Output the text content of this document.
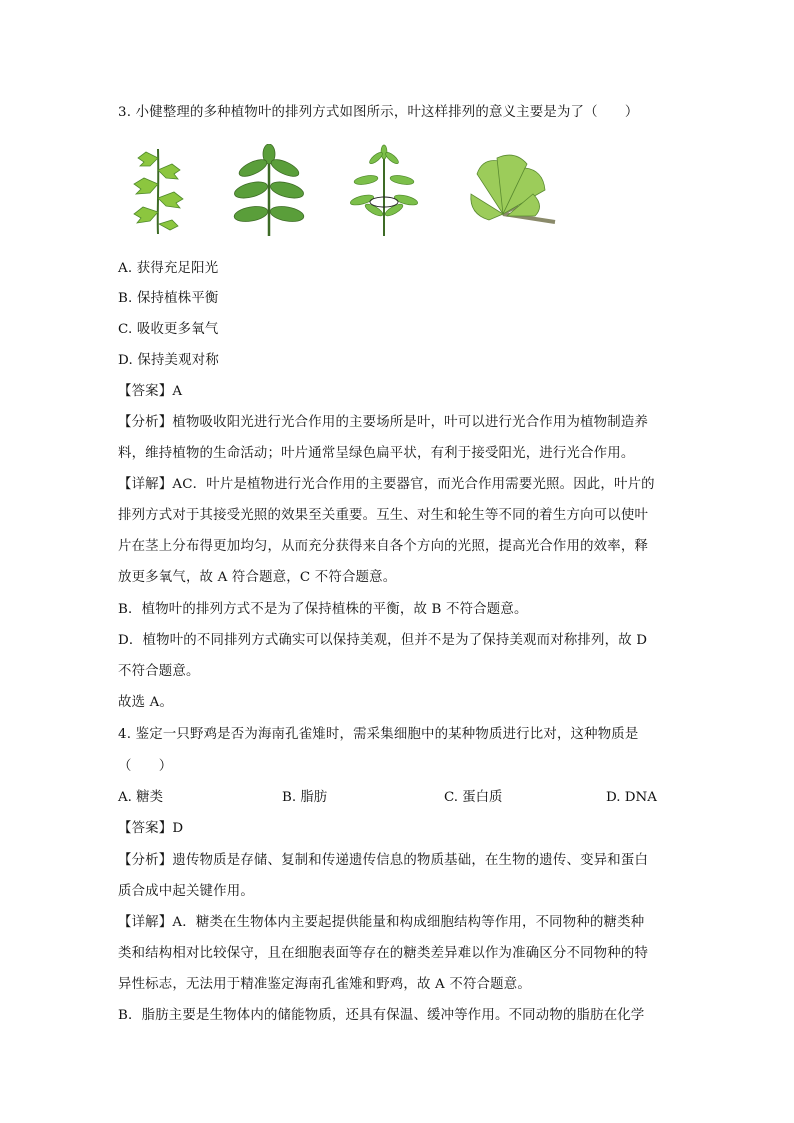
3. 小健整理的多种植物叶的排列方式如图所示，叶这样排列的意义主要是为了（　　）
A. 获得充足阳光
B. 保持植株平衡
C. 吸收更多氧气
D. 保持美观对称
【答案】A
【分析】植物吸收阳光进行光合作用的主要场所是叶，叶可以进行光合作用为植物制造养
料，维持植物的生命活动；叶片通常呈绿色扁平状，有利于接受阳光，进行光合作用。
【详解】AC．叶片是植物进行光合作用的主要器官，而光合作用需要光照。因此，叶片的
排列方式对于其接受光照的效果至关重要。互生、对生和轮生等不同的着生方向可以使叶
片在茎上分布得更加均匀，从而充分获得来自各个方向的光照，提高光合作用的效率，释
放更多氧气，故 A 符合题意，C 不符合题意。
B．植物叶的排列方式不是为了保持植株的平衡，故 B 不符合题意。
D．植物叶的不同排列方式确实可以保持美观，但并不是为了保持美观而对称排列，故 D
不符合题意。
故选 A。
4. 鉴定一只野鸡是否为海南孔雀雉时，需采集细胞中的某种物质进行比对，这种物质是
（　　）
A. 糖类	B. 脂肪	C. 蛋白质	D. DNA
【答案】D
【分析】遗传物质是存储、复制和传递遗传信息的物质基础，在生物的遗传、变异和蛋白
质合成中起关键作用。
【详解】A．糖类在生物体内主要起提供能量和构成细胞结构等作用，不同物种的糖类种
类和结构相对比较保守，且在细胞表面等存在的糖类差异难以作为准确区分不同物种的特
异性标志，无法用于精准鉴定海南孔雀雉和野鸡，故 A 不符合题意。
B．脂肪主要是生物体内的储能物质，还具有保温、缓冲等作用。不同动物的脂肪在化学
